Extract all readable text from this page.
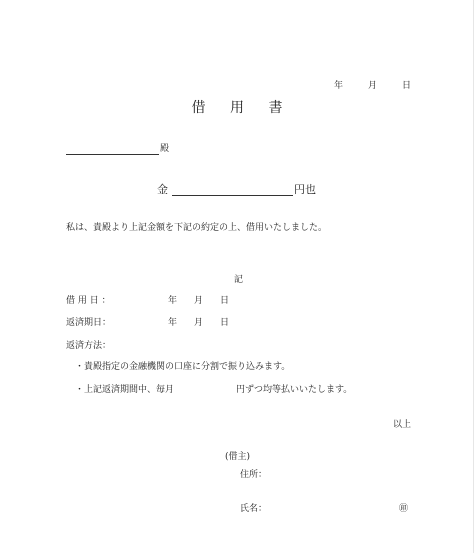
年	月	日
借 用 書
殿
金	円也
私は、貴殿より上記金額を下記の約定の上、借用いたしました。
記
借 用 日 ：	年 月 日
返済期日：	年 月 日
返済方法：
・貴殿指定の金融機関の口座に分割で振り込みます。
・上記返済期間中、毎月	円ずつ均等払いいたします。
以上
(借主)
住所：
氏名：	㊞
